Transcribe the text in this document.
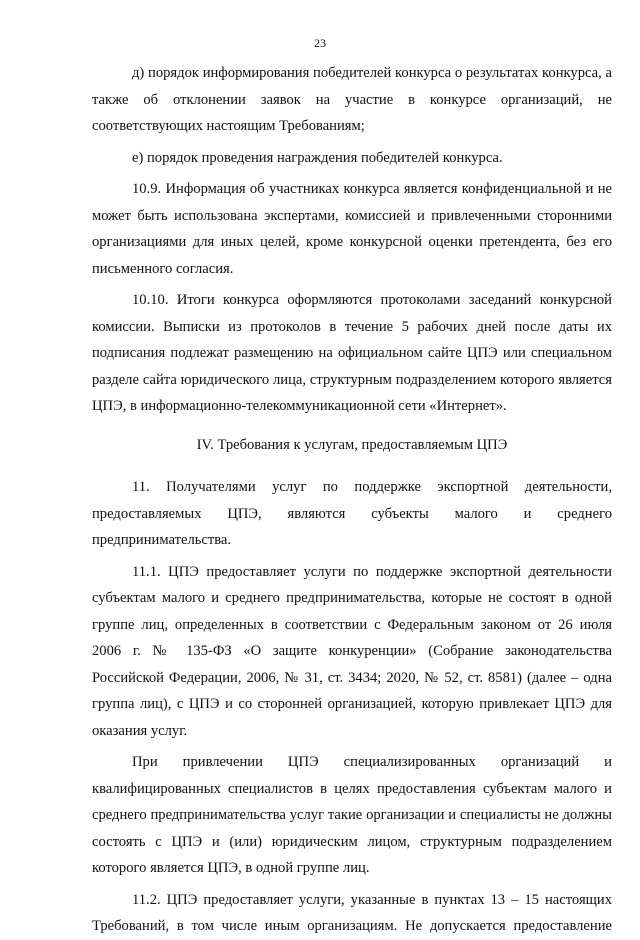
23

д) порядок информирования победителей конкурса о результатах конкурса, а также об отклонении заявок на участие в конкурсе организаций, не соответствующих настоящим Требованиям;

е) порядок проведения награждения победителей конкурса.

10.9. Информация об участниках конкурса является конфиденциальной и не может быть использована экспертами, комиссией и привлеченными сторонними организациями для иных целей, кроме конкурсной оценки претендента, без его письменного согласия.

10.10. Итоги конкурса оформляются протоколами заседаний конкурсной комиссии. Выписки из протоколов в течение 5 рабочих дней после даты их подписания подлежат размещению на официальном сайте ЦПЭ или специальном разделе сайта юридического лица, структурным подразделением которого является ЦПЭ, в информационно-телекоммуникационной сети «Интернет».

IV. Требования к услугам, предоставляемым ЦПЭ

11. Получателями услуг по поддержке экспортной деятельности, предоставляемых ЦПЭ, являются субъекты малого и среднего предпринимательства.

11.1. ЦПЭ предоставляет услуги по поддержке экспортной деятельности субъектам малого и среднего предпринимательства, которые не состоят в одной группе лиц, определенных в соответствии с Федеральным законом от 26 июля 2006 г. № 135-ФЗ «О защите конкуренции» (Собрание законодательства Российской Федерации, 2006, № 31, ст. 3434; 2020, № 52, ст. 8581) (далее – одна группа лиц), с ЦПЭ и со сторонней организацией, которую привлекает ЦПЭ для оказания услуг.

При привлечении ЦПЭ специализированных организаций и квалифицированных специалистов в целях предоставления субъектам малого и среднего предпринимательства услуг такие организации и специалисты не должны состоять с ЦПЭ и (или) юридическим лицом, структурным подразделением которого является ЦПЭ, в одной группе лиц.

11.2. ЦПЭ предоставляет услуги, указанные в пунктах 13 – 15 настоящих Требований, в том числе иным организациям. Не допускается предоставление
